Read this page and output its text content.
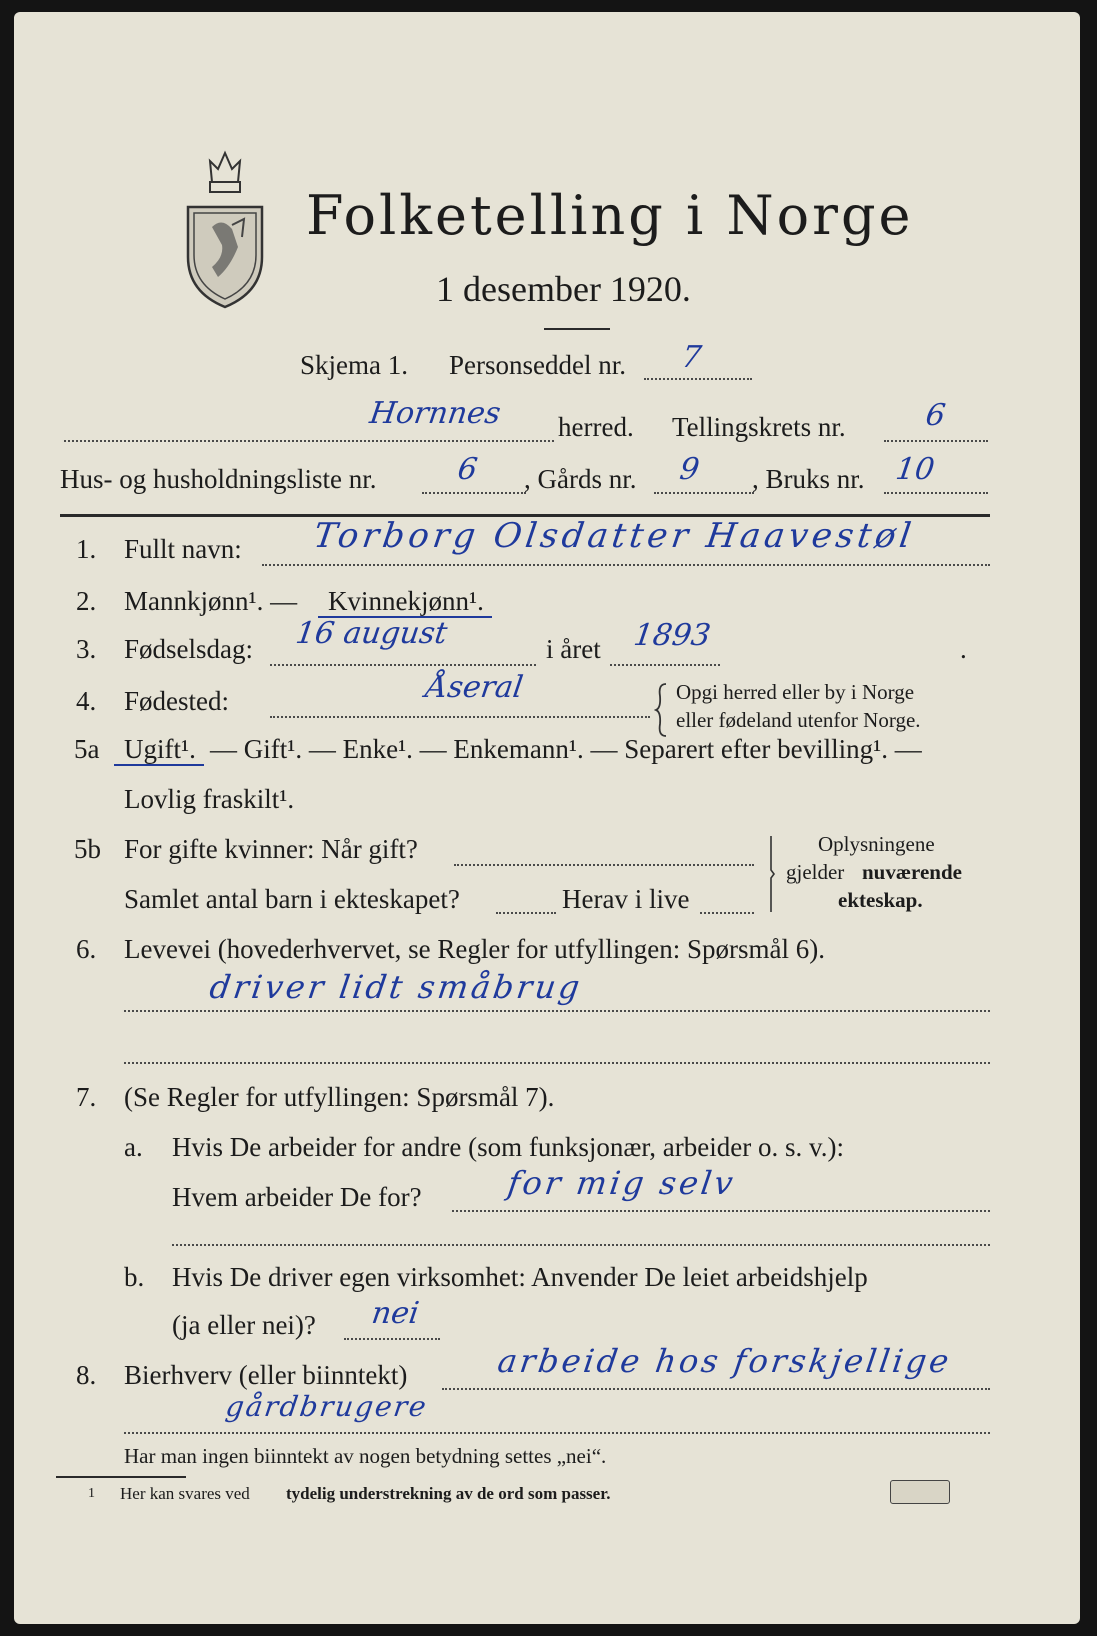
Folketelling i Norge
1 desember 1920.
Skjema 1. Personseddel nr. 7
Hornnes herred. Tellingskrets nr.	6
Hus- og husholdningsliste nr.	6 , Gårds nr. 9 , Bruks nr. 10
1. Fullt navn: Torborg Olsdatter Haavestøl
2. Mannkjønn¹. — Kvinnekjønn¹.
3. Fødselsdag: 16 august	i året 1893	.
4. Fødested:	Åseral	Opgi herred eller by i Norge
eller fødeland utenfor Norge.
5a Ugift¹. — Gift¹. — Enke¹. — Enkemann¹. — Separert efter bevilling¹. —
Lovlig fraskilt¹.
5b For gifte kvinner: Når gift?
Samlet antal barn i ekteskapet?	Herav i live
Oplysningene
gjelder nuværende
ekteskap.
6. Levevei (hovederhvervet, se Regler for utfyllingen: Spørsmål 6).
driver lidt småbrug
7. (Se Regler for utfyllingen: Spørsmål 7).
a. Hvis De arbeider for andre (som funksjonær, arbeider o. s. v.):
Hvem arbeider De for?	for mig selv
b. Hvis De driver egen virksomhet: Anvender De leiet arbeidshjelp
(ja eller nei)? nei
8. Bierhverv (eller biinntekt)	arbeide hos forskjellige
gårdbrugere
Har man ingen biinntekt av nogen betydning settes „nei“.
1 Her kan svares ved tydelig understrekning av de ord som passer.
